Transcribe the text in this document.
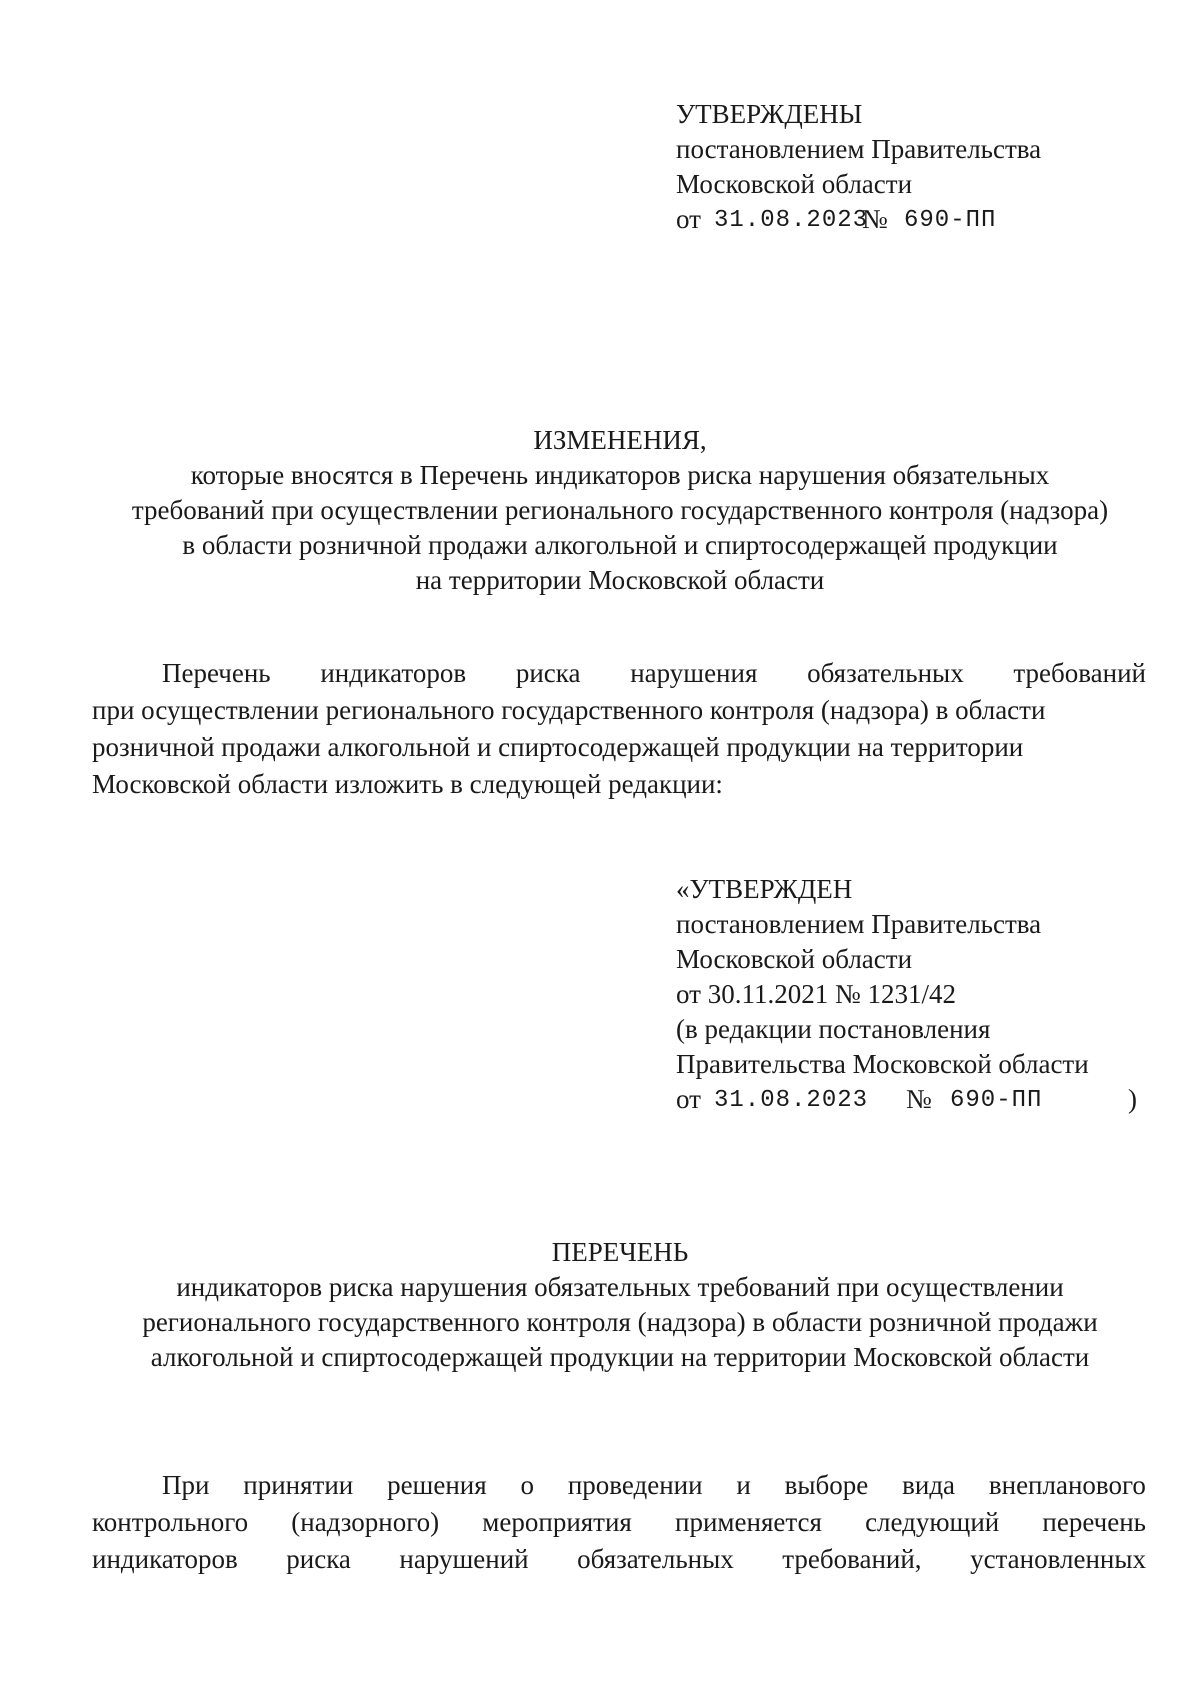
УТВЕРЖДЕНЫ
постановлением Правительства
Московской области
от 31.08.2023
№ 690-ПП
ИЗМЕНЕНИЯ,
которые вносятся в Перечень индикаторов риска нарушения обязательных
требований при осуществлении регионального государственного контроля (надзора)
в области розничной продажи алкогольной и спиртосодержащей продукции
на территории Московской области
Перечень индикаторов риска нарушения обязательных требований
при осуществлении регионального государственного контроля (надзора) в области
розничной продажи алкогольной и спиртосодержащей продукции на территории
Московской области изложить в следующей редакции:
«УТВЕРЖДЕН
постановлением Правительства
Московской области
от 30.11.2021 № 1231/42
(в редакции постановления
Правительства Московской области
от 31.08.2023 № 690-ПП	)
ПЕРЕЧЕНЬ
индикаторов риска нарушения обязательных требований при осуществлении
регионального государственного контроля (надзора) в области розничной продажи
алкогольной и спиртосодержащей продукции на территории Московской области
При принятии решения о проведении и выборе вида внепланового
контрольного (надзорного) мероприятия применяется следующий перечень
индикаторов риска нарушений обязательных требований, установленных
